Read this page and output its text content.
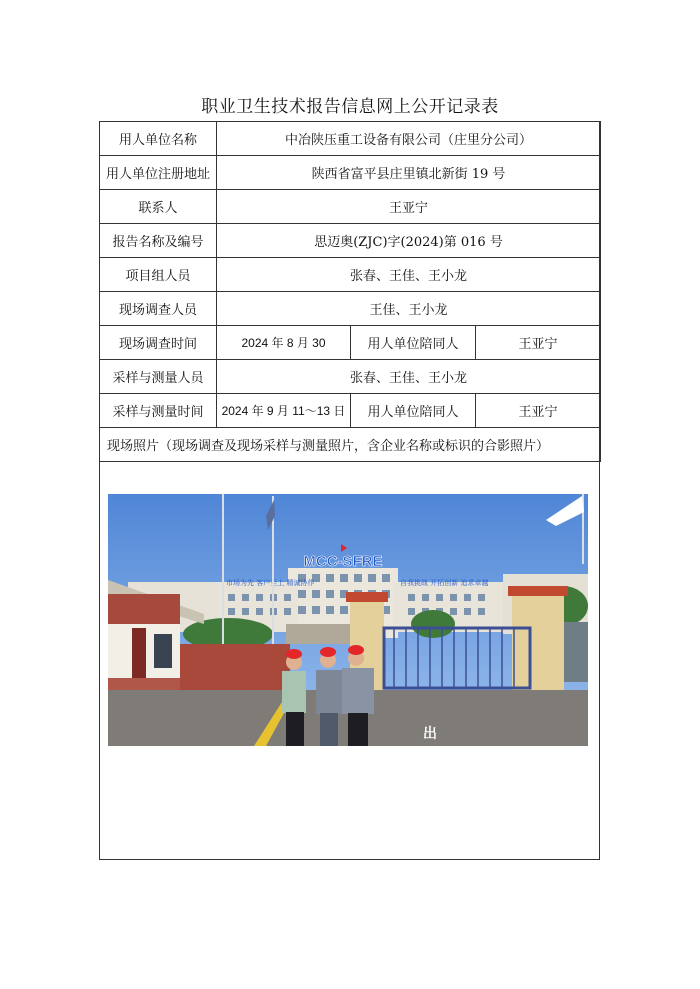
职业卫生技术报告信息网上公开记录表
用人单位名称	中冶陕压重工设备有限公司（庄里分公司）		
用人单位注册地址	陕西省富平县庄里镇北新街 19 号		
联系人	王亚宁		
报告名称及编号	思迈奥(ZJC)字(2024)第 016 号		
项目组人员	张春、王佳、王小龙		
现场调查人员	王佳、王小龙		
现场调查时间	2024 年 8 月 30	用人单位陪同人	王亚宁
采样与测量人员	张春、王佳、王小龙		
采样与测量时间	2024 年 9 月 11～13 日	用人单位陪同人	王亚宁
现场照片（现场调查及现场采样与测量照片，含企业名称或标识的合影照片）			
MCC-SFRE
市场为先 客户至上 精诚协作	自我挑战 开拓创新 追求卓越
出
